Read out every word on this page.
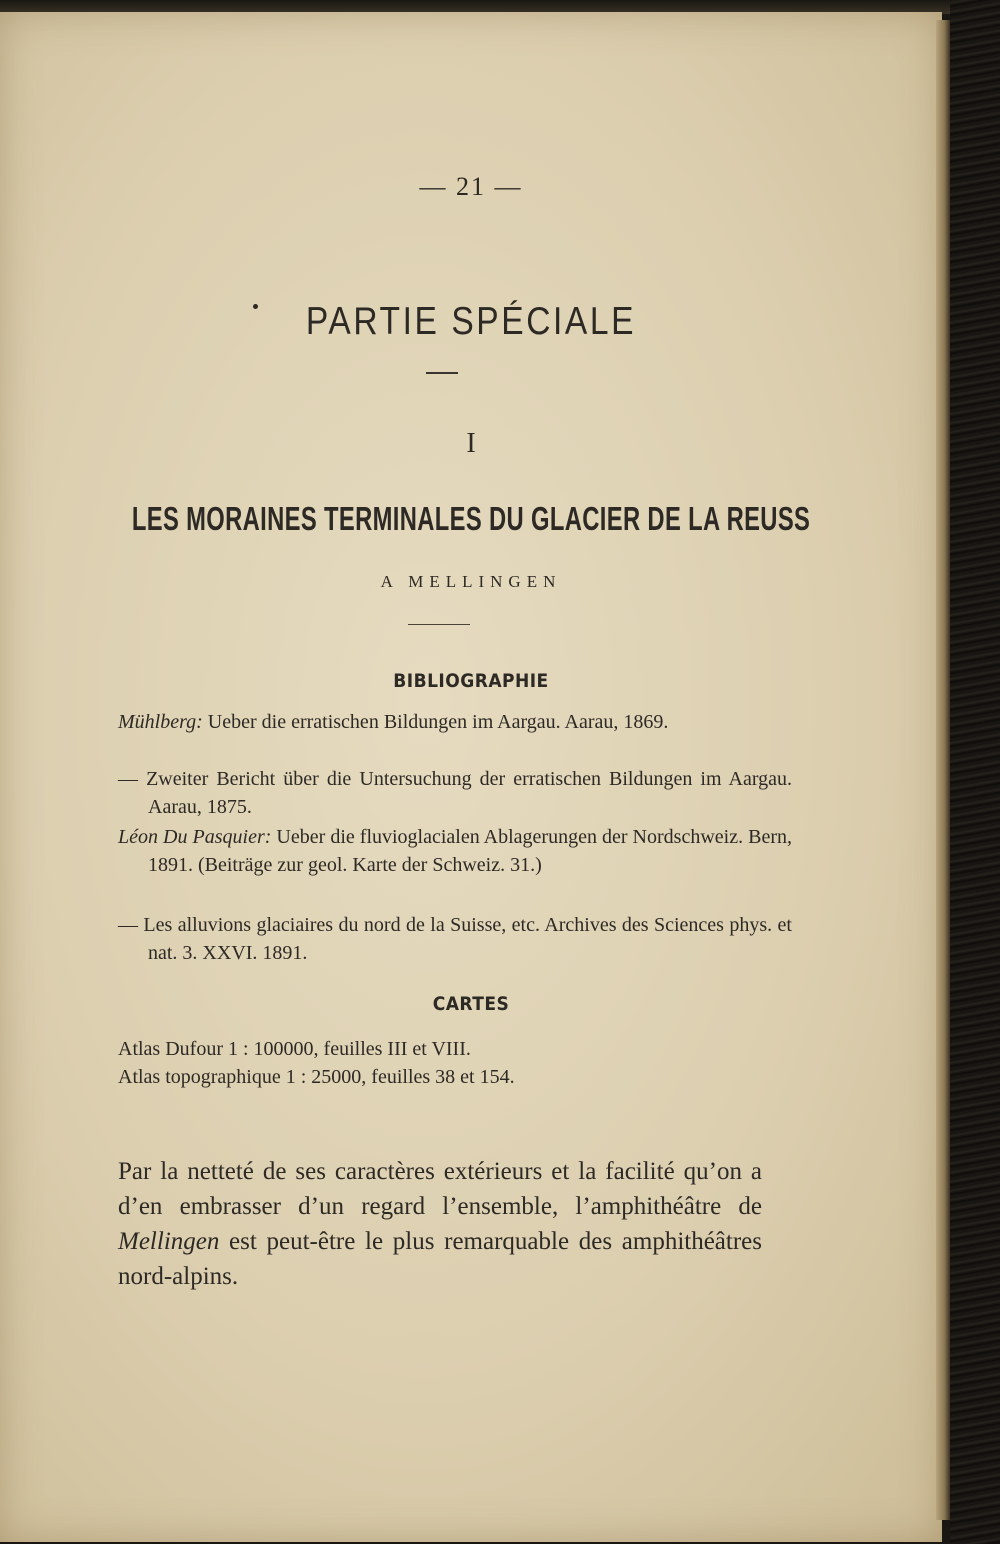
— 21 —
PARTIE SPÉCIALE
I
LES MORAINES TERMINALES DU GLACIER DE LA REUSS
A MELLINGEN
BIBLIOGRAPHIE
Mühlberg: Ueber die erratischen Bildungen im Aargau. Aarau, 1869.
— Zweiter Bericht über die Untersuchung der erratischen Bildungen im Aargau. Aarau, 1875.
Léon Du Pasquier: Ueber die fluvioglacialen Ablagerungen der Nordschweiz. Bern, 1891. (Beiträge zur geol. Karte der Schweiz. 31.)
— Les alluvions glaciaires du nord de la Suisse, etc. Archives des Sciences phys. et nat. 3. XXVI. 1891.
CARTES
Atlas Dufour 1 : 100000, feuilles III et VIII.
Atlas topographique 1 : 25000, feuilles 38 et 154.
Par la netteté de ses caractères extérieurs et la facilité qu’on a d’en embrasser d’un regard l’ensemble, l’amphithéâtre de Mellingen est peut-être le plus remarquable des amphithéâtres nord-alpins.
